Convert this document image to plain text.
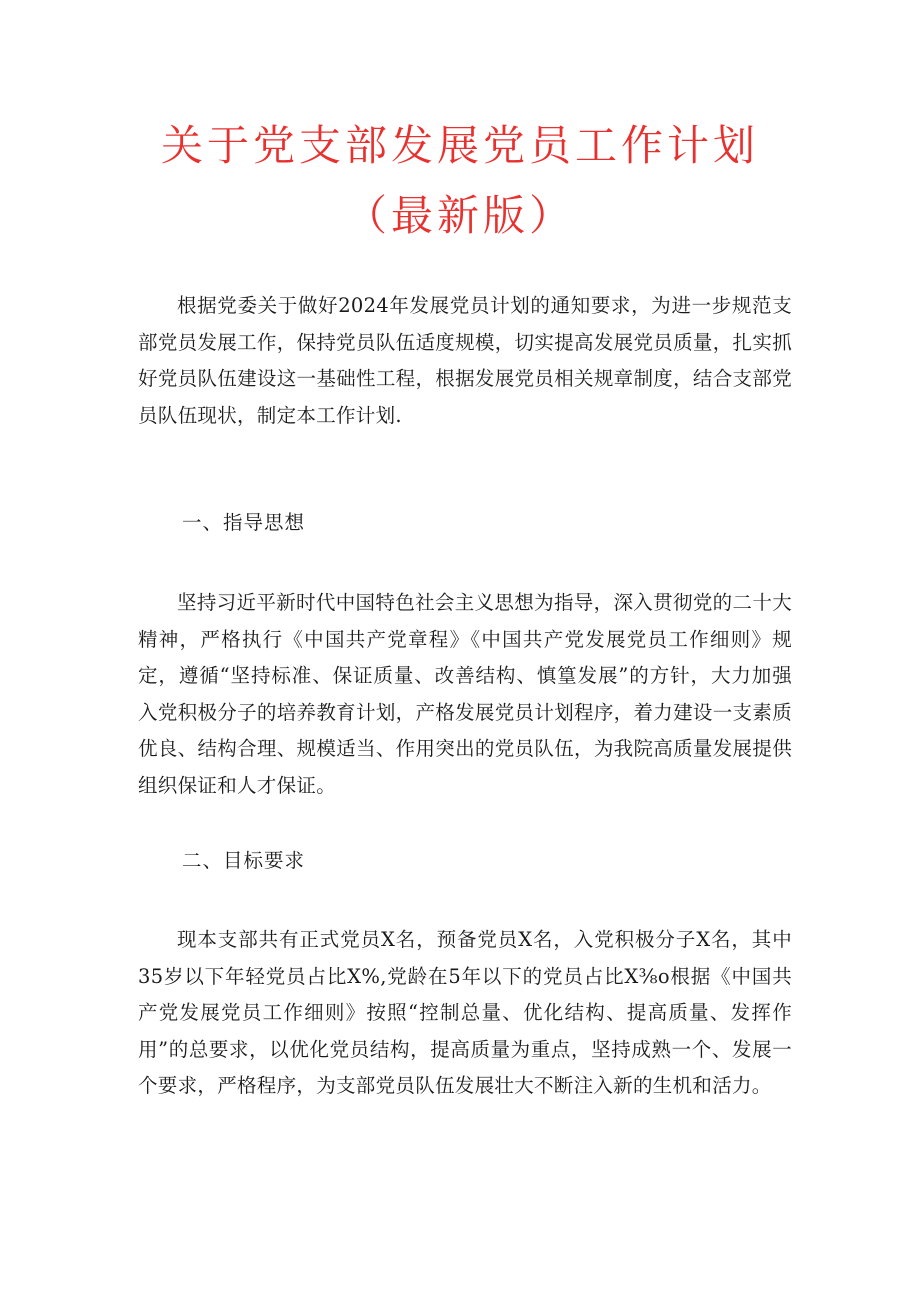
关于党支部发展党员工作计划
（最新版）

根据党委关于做好2024年发展党员计划的通知要求，为进一步规范支部党员发展工作，保持党员队伍适度规模，切实提高发展党员质量，扎实抓好党员队伍建设这一基础性工程，根据发展党员相关规章制度，结合支部党员队伍现状，制定本工作计划.

一、指导思想

坚持习近平新时代中国特色社会主义思想为指导，深入贯彻党的二十大精神，严格执行《中国共产党章程》《中国共产党发展党员工作细则》规定，遵循“坚持标准、保证质量、改善结构、慎篁发展”的方针，大力加强入党积极分子的培养教育计划，产格发展党员计划程序，着力建设一支素质优良、结构合理、规模适当、作用突出的党员队伍，为我院高质量发展提供组织保证和人才保证。

二、目标要求

现本支部共有正式党员X名，预备党员X名，入党积极分子X名，其中35岁以下年轻党员占比X%,党龄在5年以下的党员占比X⅜o根据《中国共产党发展党员工作细则》按照“控制总量、优化结构、提高质量、发挥作用”的总要求，以优化党员结构，提高质量为重点，坚持成熟一个、发展一个要求，严格程序，为支部党员队伍发展壮大不断注入新的生机和活力。
